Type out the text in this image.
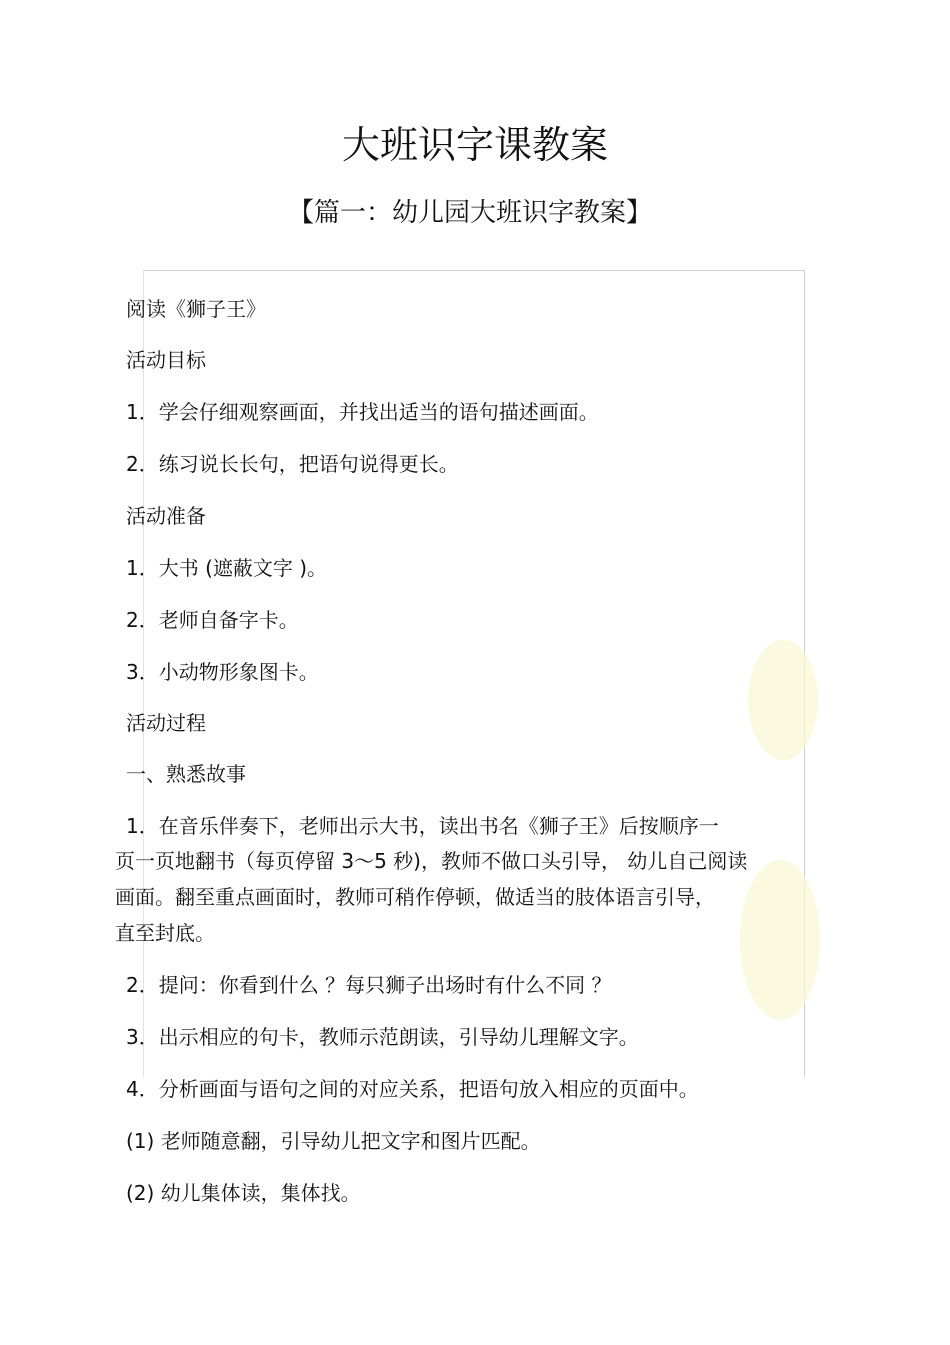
大班识字课教案
【篇一：幼儿园大班识字教案】
阅读《狮子王》
活动目标
1．学会仔细观察画面，并找出适当的语句描述画面。
2．练习说长长句，把语句说得更长。
活动准备
1．大书 (遮蔽文字 )。
2．老师自备字卡。
3．小动物形象图卡。
活动过程
一、熟悉故事
1．在音乐伴奏下，老师出示大书，读出书名《狮子王》后按顺序一
页一页地翻书（每页停留 3～5 秒)，教师不做口头引导， 幼儿自己阅读
画面。翻至重点画面时，教师可稍作停顿，做适当的肢体语言引导，
直至封底。
2．提问：你看到什么 ？每只狮子出场时有什么不同 ？
3．出示相应的句卡，教师示范朗读，引导幼儿理解文字。
4．分析画面与语句之间的对应关系，把语句放入相应的页面中。
(1) 老师随意翻，引导幼儿把文字和图片匹配。
(2) 幼儿集体读，集体找。
